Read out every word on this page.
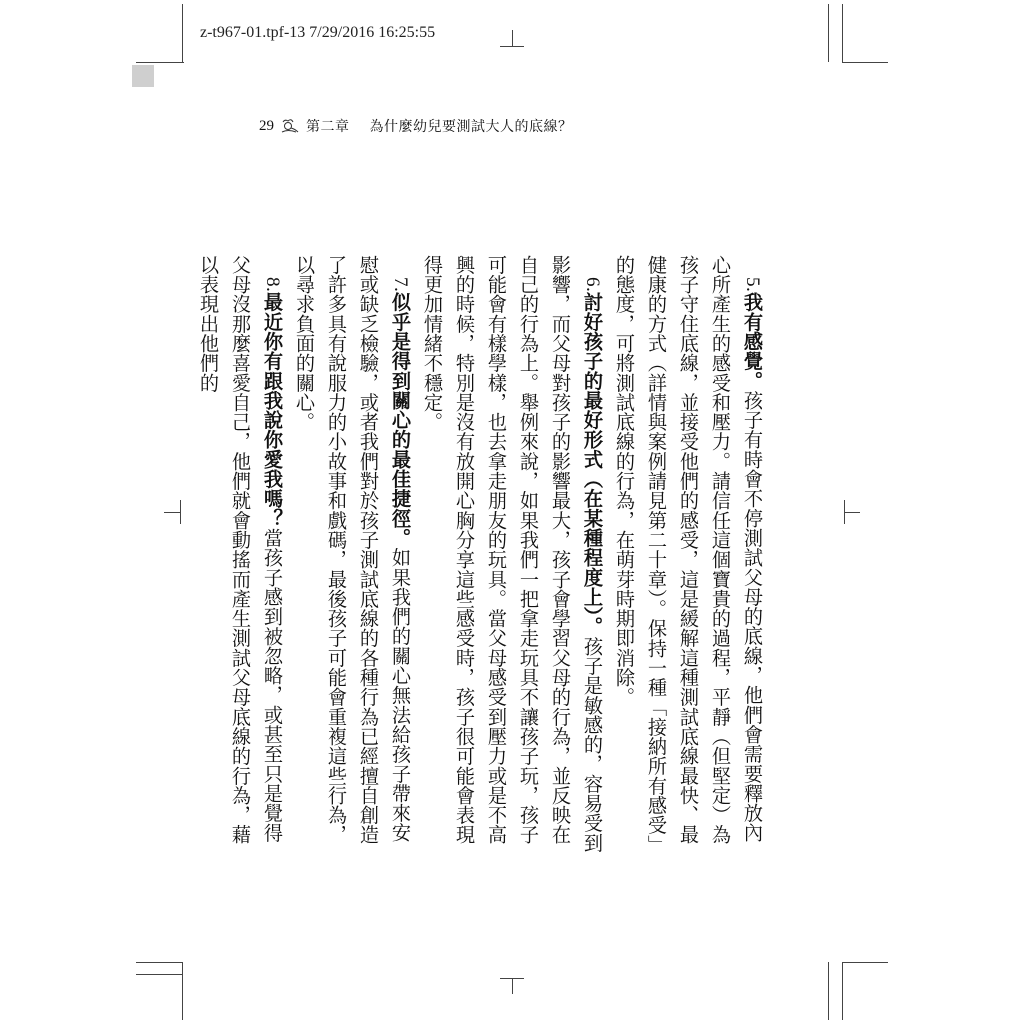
z-t967-01.tpf-13 7/29/2016 16:25:55
29 第二章 為什麼幼兒要測試大人的底線？

5.我有感覺。孩子有時會不停測試父母的底線，他們會需要釋放內心所產生的感受和壓力。請信任這個寶貴的過程，平靜（但堅定）為孩子守住底線，並接受他們的感受，這是緩解這種測試底線最快、最健康的方式（詳情與案例請見第二十章）。保持一種「接納所有感受」的態度，可將測試底線的行為，在萌芽時期即消除。

6.討好孩子的最好形式（在某種程度上）。孩子是敏感的，容易受到影響，而父母對孩子的影響最大，孩子會學習父母的行為，並反映在自己的行為上。舉例來說，如果我們一把拿走玩具不讓孩子玩，孩子可能會有樣學樣，也去拿走朋友的玩具。當父母感受到壓力或是不高興的時候，特別是沒有放開心胸分享這些感受時，孩子很可能會表現得更加情緒不穩定。

7.似乎是得到關心的最佳捷徑。如果我們的關心無法給孩子帶來安慰或缺乏檢驗，或者我們對於孩子測試底線的各種行為已經擅自創造了許多具有說服力的小故事和戲碼，最後孩子可能會重複這些行為，以尋求負面的關心。

8.最近你有跟我說你愛我嗎？當孩子感到被忽略，或甚至只是覺得父母沒那麼喜愛自己，他們就會動搖而產生測試父母底線的行為，藉以表現出他們的
